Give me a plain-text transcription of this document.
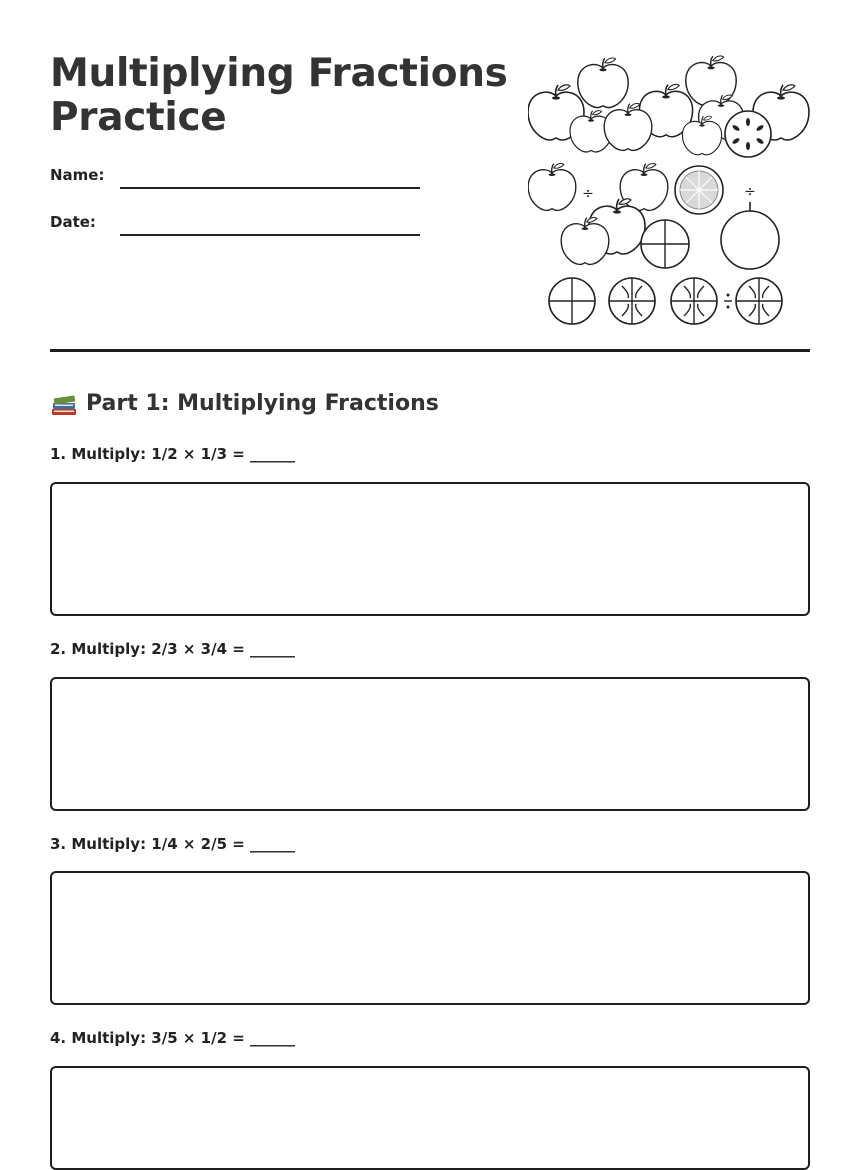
Multiplying Fractions
Practice
Name:
Date:
÷	÷
Part 1: Multiplying Fractions

1. Multiply: 1/2 × 1/3 = ______

2. Multiply: 2/3 × 3/4 = ______

3. Multiply: 1/4 × 2/5 = ______

4. Multiply: 3/5 × 1/2 = ______
